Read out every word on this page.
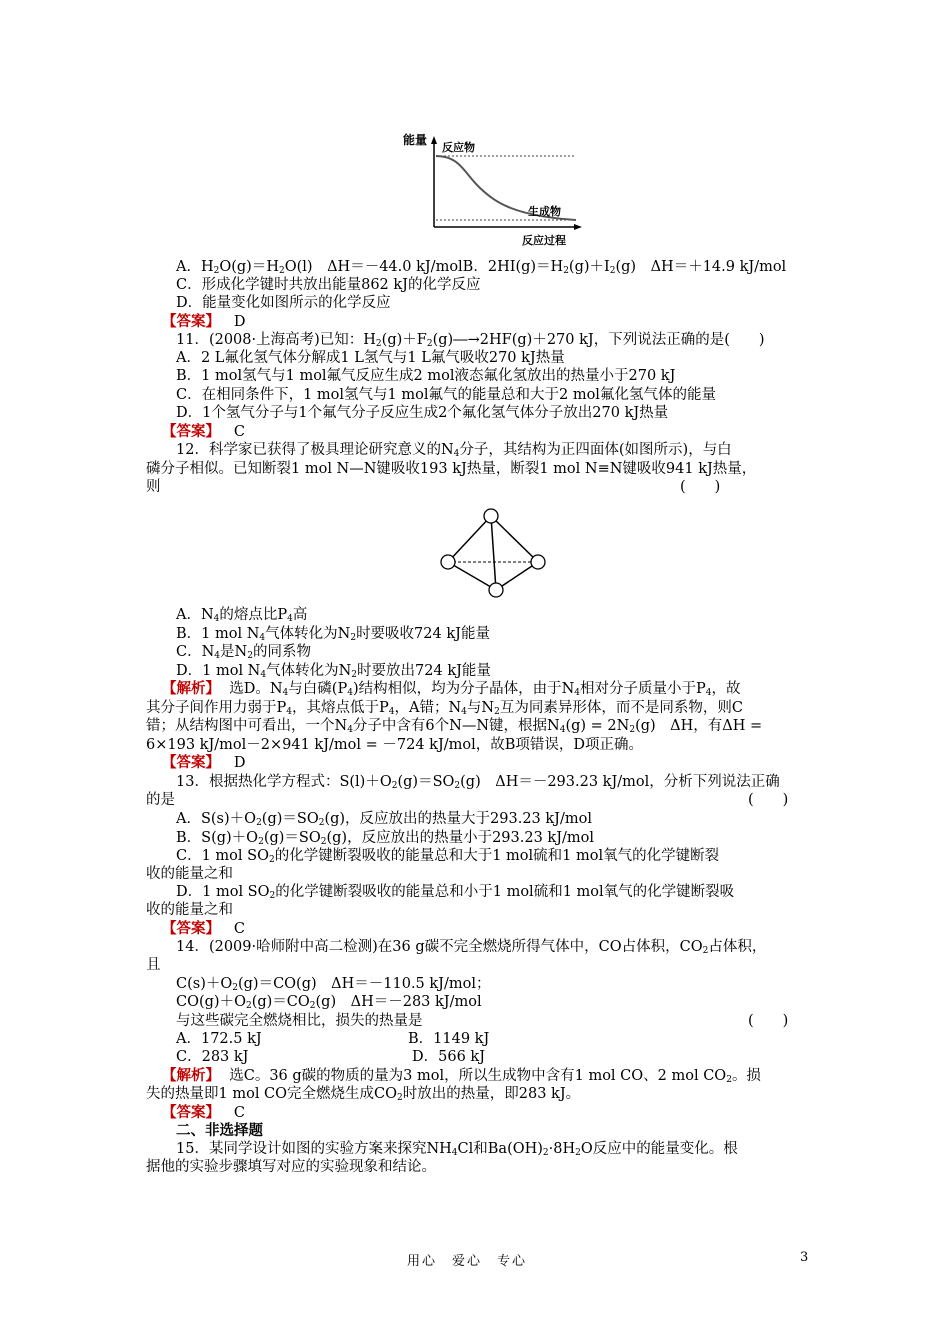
能量
反应物
生成物
反应过程
A．$H_2O(g)=H_2O(l)$　ΔH＝－44.0 kJ/molB．$2HI(g)=H_2(g)+I_2(g)$　ΔH＝＋14.9 kJ/mol
C．形成化学键时共放出能量862 kJ的化学反应
D．能量变化如图所示的化学反应
【答案】 D
11．(2008·上海高考)已知：$H_2(g)+F_2(g)―\to 2HF(g)+270$ kJ，下列说法正确的是(　　)
A．2 L氟化氢气体分解成1 L氢气与1 L氟气吸收270 kJ热量
B．1 mol氢气与1 mol氟气反应生成2 mol液态氟化氢放出的热量小于270 kJ
C．在相同条件下，1 mol氢气与1 mol氟气的能量总和大于2 mol氟化氢气体的能量
D．1个氢气分子与1个氟气分子反应生成2个氟化氢气体分子放出270 kJ热量
【答案】 C
12．科学家已获得了极具理论研究意义的$N_4$分子，其结构为正四面体(如图所示)，与白
磷分子相似。已知断裂1 mol N—N键吸收193 kJ热量，断裂1 mol N≡N键吸收941 kJ热量，
则	(　　)
A．$N_4$的熔点比$P_4$高
B．1 mol $N_4$气体转化为$N_2$时要吸收724 kJ能量
C．$N_4$是$N_2$的同系物
D．1 mol $N_4$气体转化为$N_2$时要放出724 kJ能量
【解析】 选D。$N_4$与白磷$(P_4)$结构相似，均为分子晶体，由于$N_4$相对分子质量小于$P_4$，故
其分子间作用力弱于$P_4$，其熔点低于$P_4$，A错；$N_4$与$N_2$互为同素异形体，而不是同系物，则C
错；从结构图中可看出，一个$N_4$分子中含有6个N—N键，根据$N_4(g) = 2N_2(g)$　ΔH，有ΔH =
6×193 kJ/mol－2×941 kJ/mol = －724 kJ/mol，故B项错误，D项正确。
【答案】 D
13．根据热化学方程式：$S(l)+O_2(g)=SO_2(g)$　ΔH＝－293.23 kJ/mol，分析下列说法正确
的是	(　　)
A．$S(s)+O_2(g)=SO_2(g)$，反应放出的热量大于293.23 kJ/mol
B．$S(g)+O_2(g)=SO_2(g)$，反应放出的热量小于293.23 kJ/mol
C．1 mol $SO_2$的化学键断裂吸收的能量总和大于1 mol硫和1 mol氧气的化学键断裂
收的能量之和
D．1 mol $SO_2$的化学键断裂吸收的能量总和小于1 mol硫和1 mol氧气的化学键断裂吸
收的能量之和
【答案】 C
14．(2009·哈师附中高二检测)在36 g碳不完全燃烧所得气体中，CO占体积，$CO_2$占体积，
且
$C(s)+O_2(g)=CO(g)$　ΔH＝－110.5 kJ/mol；
$CO(g)+O_2(g)=CO_2(g)$　ΔH＝－283 kJ/mol
与这些碳完全燃烧相比，损失的热量是	(　　)
A．172.5 kJ	B．1149 kJ
C．283 kJ	D．566 kJ
【解析】 选C。36 g碳的物质的量为3 mol，所以生成物中含有1 mol CO、2 mol $CO_2$。损
失的热量即1 mol CO完全燃烧生成$CO_2$时放出的热量，即283 kJ。
【答案】 C
二、非选择题
15．某同学设计如图的实验方案来探究$NH_4Cl$和$Ba(OH)_2\cdot 8H_2O$反应中的能量变化。根
据他的实验步骤填写对应的实验现象和结论。
用心　爱心　专心	3
